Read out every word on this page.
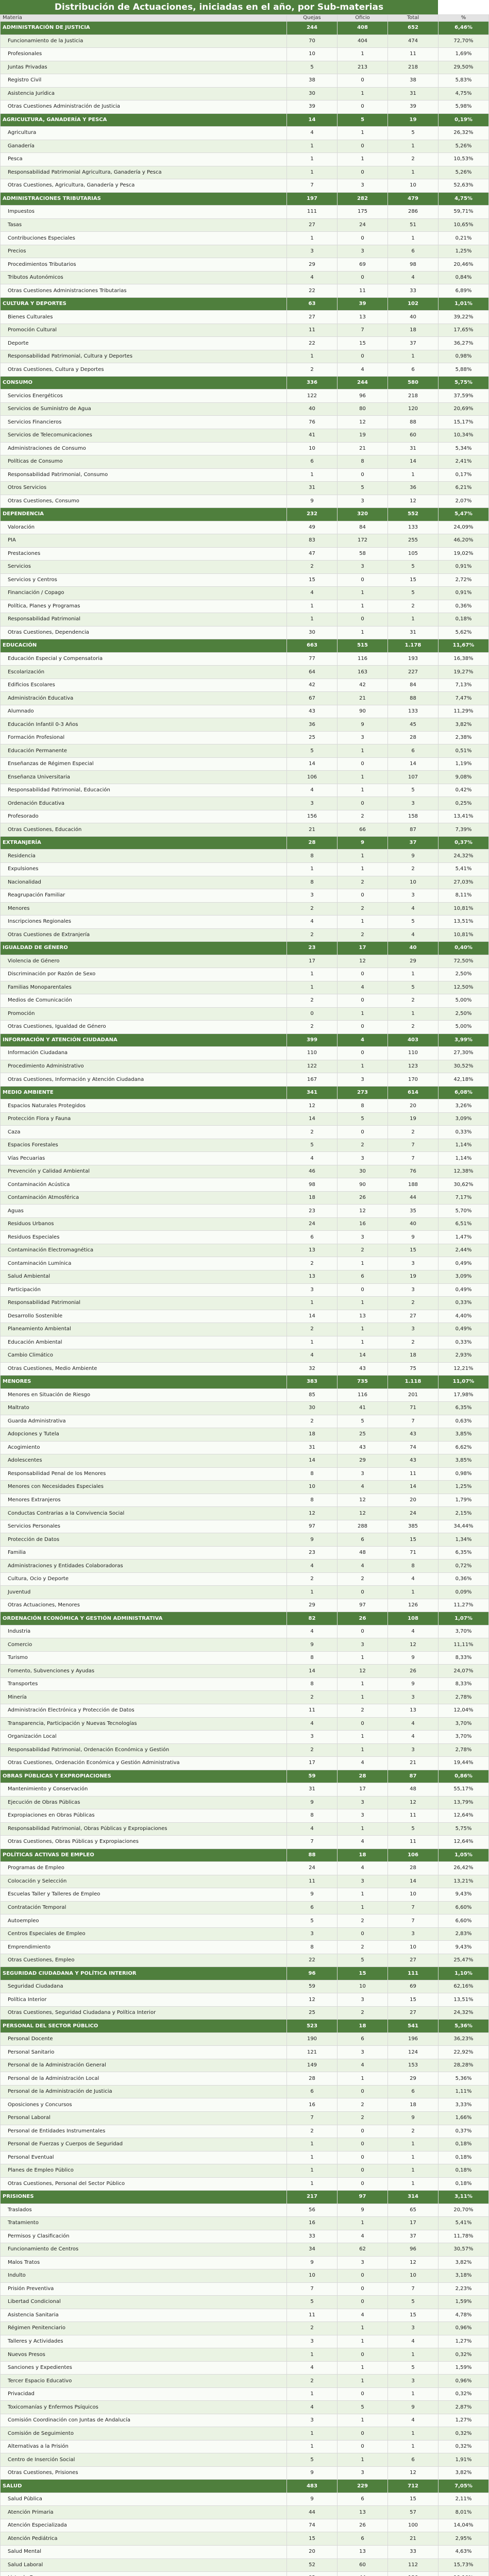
Distribución de Actuaciones, iniciadas en el año, por Sub-materias
Materia	Quejas	Oficio	Total	%
ADMINISTRACIÓN DE JUSTICIA	244	408	652	6,46%
Funcionamiento de la Justicia	70	404	474	72,70%
Profesionales	10	1	11	1,69%
Juntas Privadas	5	213	218	29,50%
Registro Civil	38	0	38	5,83%
Asistencia Jurídica	30	1	31	4,75%
Otras Cuestiones Administración de Justicia	39	0	39	5,98%
AGRICULTURA, GANADERÍA Y PESCA	14	5	19	0,19%
Agricultura	4	1	5	26,32%
Ganadería	1	0	1	5,26%
Pesca	1	1	2	10,53%
Responsabilidad Patrimonial Agricultura, Ganadería y Pesca	1	0	1	5,26%
Otras Cuestiones, Agricultura, Ganadería y Pesca	7	3	10	52,63%
ADMINISTRACIONES TRIBUTARIAS	197	282	479	4,75%
Impuestos	111	175	286	59,71%
Tasas	27	24	51	10,65%
Contribuciones Especiales	1	0	1	0,21%
Precios	3	3	6	1,25%
Procedimientos Tributarios	29	69	98	20,46%
Tributos Autonómicos	4	0	4	0,84%
Otras Cuestiones Administraciones Tributarias	22	11	33	6,89%
CULTURA Y DEPORTES	63	39	102	1,01%
Bienes Culturales	27	13	40	39,22%
Promoción Cultural	11	7	18	17,65%
Deporte	22	15	37	36,27%
Responsabilidad Patrimonial, Cultura y Deportes	1	0	1	0,98%
Otras Cuestiones, Cultura y Deportes	2	4	6	5,88%
CONSUMO	336	244	580	5,75%
Servicios Energéticos	122	96	218	37,59%
Servicios de Suministro de Agua	40	80	120	20,69%
Servicios Financieros	76	12	88	15,17%
Servicios de Telecomunicaciones	41	19	60	10,34%
Administraciones de Consumo	10	21	31	5,34%
Políticas de Consumo	6	8	14	2,41%
Responsabilidad Patrimonial, Consumo	1	0	1	0,17%
Otros Servicios	31	5	36	6,21%
Otras Cuestiones, Consumo	9	3	12	2,07%
DEPENDENCIA	232	320	552	5,47%
Valoración	49	84	133	24,09%
PIA	83	172	255	46,20%
Prestaciones	47	58	105	19,02%
Servicios	2	3	5	0,91%
Servicios y Centros	15	0	15	2,72%
Financiación / Copago	4	1	5	0,91%
Política, Planes y Programas	1	1	2	0,36%
Responsabilidad Patrimonial	1	0	1	0,18%
Otras Cuestiones, Dependencia	30	1	31	5,62%
EDUCACIÓN	663	515	1.178	11,67%
Educación Especial y Compensatoria	77	116	193	16,38%
Escolarización	64	163	227	19,27%
Edificios Escolares	42	42	84	7,13%
Administración Educativa	67	21	88	7,47%
Alumnado	43	90	133	11,29%
Educación Infantil 0-3 Años	36	9	45	3,82%
Formación Profesional	25	3	28	2,38%
Educación Permanente	5	1	6	0,51%
Enseñanzas de Régimen Especial	14	0	14	1,19%
Enseñanza Universitaria	106	1	107	9,08%
Responsabilidad Patrimonial, Educación	4	1	5	0,42%
Ordenación Educativa	3	0	3	0,25%
Profesorado	156	2	158	13,41%
Otras Cuestiones, Educación	21	66	87	7,39%
EXTRANJERÍA	28	9	37	0,37%
Residencia	8	1	9	24,32%
Expulsiones	1	1	2	5,41%
Nacionalidad	8	2	10	27,03%
Reagrupación Familiar	3	0	3	8,11%
Menores	2	2	4	10,81%
Inscripciones Regionales	4	1	5	13,51%
Otras Cuestiones de Extranjería	2	2	4	10,81%
IGUALDAD DE GÉNERO	23	17	40	0,40%
Violencia de Género	17	12	29	72,50%
Discriminación por Razón de Sexo	1	0	1	2,50%
Familias Monoparentales	1	4	5	12,50%
Medios de Comunicación	2	0	2	5,00%
Promoción	0	1	1	2,50%
Otras Cuestiones, Igualdad de Género	2	0	2	5,00%
INFORMACIÓN Y ATENCIÓN CIUDADANA	399	4	403	3,99%
Información Ciudadana	110	0	110	27,30%
Procedimiento Administrativo	122	1	123	30,52%
Otras Cuestiones, Información y Atención Ciudadana	167	3	170	42,18%
MEDIO AMBIENTE	341	273	614	6,08%
Espacios Naturales Protegidos	12	8	20	3,26%
Protección Flora y Fauna	14	5	19	3,09%
Caza	2	0	2	0,33%
Espacios Forestales	5	2	7	1,14%
Vías Pecuarias	4	3	7	1,14%
Prevención y Calidad Ambiental	46	30	76	12,38%
Contaminación Acústica	98	90	188	30,62%
Contaminación Atmosférica	18	26	44	7,17%
Aguas	23	12	35	5,70%
Residuos Urbanos	24	16	40	6,51%
Residuos Especiales	6	3	9	1,47%
Contaminación Electromagnética	13	2	15	2,44%
Contaminación Lumínica	2	1	3	0,49%
Salud Ambiental	13	6	19	3,09%
Participación	3	0	3	0,49%
Responsabilidad Patrimonial	1	1	2	0,33%
Desarrollo Sostenible	14	13	27	4,40%
Planeamiento Ambiental	2	1	3	0,49%
Educación Ambiental	1	1	2	0,33%
Cambio Climático	4	14	18	2,93%
Otras Cuestiones, Medio Ambiente	32	43	75	12,21%
MENORES	383	735	1.118	11,07%
Menores en Situación de Riesgo	85	116	201	17,98%
Maltrato	30	41	71	6,35%
Guarda Administrativa	2	5	7	0,63%
Adopciones y Tutela	18	25	43	3,85%
Acogimiento	31	43	74	6,62%
Adolescentes	14	29	43	3,85%
Responsabilidad Penal de los Menores	8	3	11	0,98%
Menores con Necesidades Especiales	10	4	14	1,25%
Menores Extranjeros	8	12	20	1,79%
Conductas Contrarias a la Convivencia Social	12	12	24	2,15%
Servicios Personales	97	288	385	34,44%
Protección de Datos	9	6	15	1,34%
Familia	23	48	71	6,35%
Administraciones y Entidades Colaboradoras	4	4	8	0,72%
Cultura, Ocio y Deporte	2	2	4	0,36%
Juventud	1	0	1	0,09%
Otras Actuaciones, Menores	29	97	126	11,27%
ORDENACIÓN ECONÓMICA Y GESTIÓN ADMINISTRATIVA	82	26	108	1,07%
Industria	4	0	4	3,70%
Comercio	9	3	12	11,11%
Turismo	8	1	9	8,33%
Fomento, Subvenciones y Ayudas	14	12	26	24,07%
Transportes	8	1	9	8,33%
Minería	2	1	3	2,78%
Administración Electrónica y Protección de Datos	11	2	13	12,04%
Transparencia, Participación y Nuevas Tecnologías	4	0	4	3,70%
Organización Local	3	1	4	3,70%
Responsabilidad Patrimonial, Ordenación Económica y Gestión	2	1	3	2,78%
Otras Cuestiones, Ordenación Económica y Gestión Administrativa	17	4	21	19,44%
OBRAS PÚBLICAS Y EXPROPIACIONES	59	28	87	0,86%
Mantenimiento y Conservación	31	17	48	55,17%
Ejecución de Obras Públicas	9	3	12	13,79%
Expropiaciones en Obras Públicas	8	3	11	12,64%
Responsabilidad Patrimonial, Obras Públicas y Expropiaciones	4	1	5	5,75%
Otras Cuestiones, Obras Públicas y Expropiaciones	7	4	11	12,64%
POLÍTICAS ACTIVAS DE EMPLEO	88	18	106	1,05%
Programas de Empleo	24	4	28	26,42%
Colocación y Selección	11	3	14	13,21%
Escuelas Taller y Talleres de Empleo	9	1	10	9,43%
Contratación Temporal	6	1	7	6,60%
Autoempleo	5	2	7	6,60%
Centros Especiales de Empleo	3	0	3	2,83%
Emprendimiento	8	2	10	9,43%
Otras Cuestiones, Empleo	22	5	27	25,47%
SEGURIDAD CIUDADANA Y POLÍTICA INTERIOR	96	15	111	1,10%
Seguridad Ciudadana	59	10	69	62,16%
Política Interior	12	3	15	13,51%
Otras Cuestiones, Seguridad Ciudadana y Política Interior	25	2	27	24,32%
PERSONAL DEL SECTOR PÚBLICO	523	18	541	5,36%
Personal Docente	190	6	196	36,23%
Personal Sanitario	121	3	124	22,92%
Personal de la Administración General	149	4	153	28,28%
Personal de la Administración Local	28	1	29	5,36%
Personal de la Administración de Justicia	6	0	6	1,11%
Oposiciones y Concursos	16	2	18	3,33%
Personal Laboral	7	2	9	1,66%
Personal de Entidades Instrumentales	2	0	2	0,37%
Personal de Fuerzas y Cuerpos de Seguridad	1	0	1	0,18%
Personal Eventual	1	0	1	0,18%
Planes de Empleo Público	1	0	1	0,18%
Otras Cuestiones, Personal del Sector Público	1	0	1	0,18%
PRISIONES	217	97	314	3,11%
Traslados	56	9	65	20,70%
Tratamiento	16	1	17	5,41%
Permisos y Clasificación	33	4	37	11,78%
Funcionamiento de Centros	34	62	96	30,57%
Malos Tratos	9	3	12	3,82%
Indulto	10	0	10	3,18%
Prisión Preventiva	7	0	7	2,23%
Libertad Condicional	5	0	5	1,59%
Asistencia Sanitaria	11	4	15	4,78%
Régimen Penitenciario	2	1	3	0,96%
Talleres y Actividades	3	1	4	1,27%
Nuevos Presos	1	0	1	0,32%
Sanciones y Expedientes	4	1	5	1,59%
Tercer Espacio Educativo	2	1	3	0,96%
Privacidad	1	0	1	0,32%
Toxicomanías y Enfermos Psíquicos	4	5	9	2,87%
Comisión Coordinación con Juntas de Andalucía	3	1	4	1,27%
Comisión de Seguimiento	1	0	1	0,32%
Alternativas a la Prisión	1	0	1	0,32%
Centro de Inserción Social	5	1	6	1,91%
Otras Cuestiones, Prisiones	9	3	12	3,82%
SALUD	483	229	712	7,05%
Salud Pública	9	6	15	2,11%
Atención Primaria	44	13	57	8,01%
Atención Especializada	74	26	100	14,04%
Atención Pediátrica	15	6	21	2,95%
Salud Mental	20	13	33	4,63%
Salud Laboral	52	60	112	15,73%
